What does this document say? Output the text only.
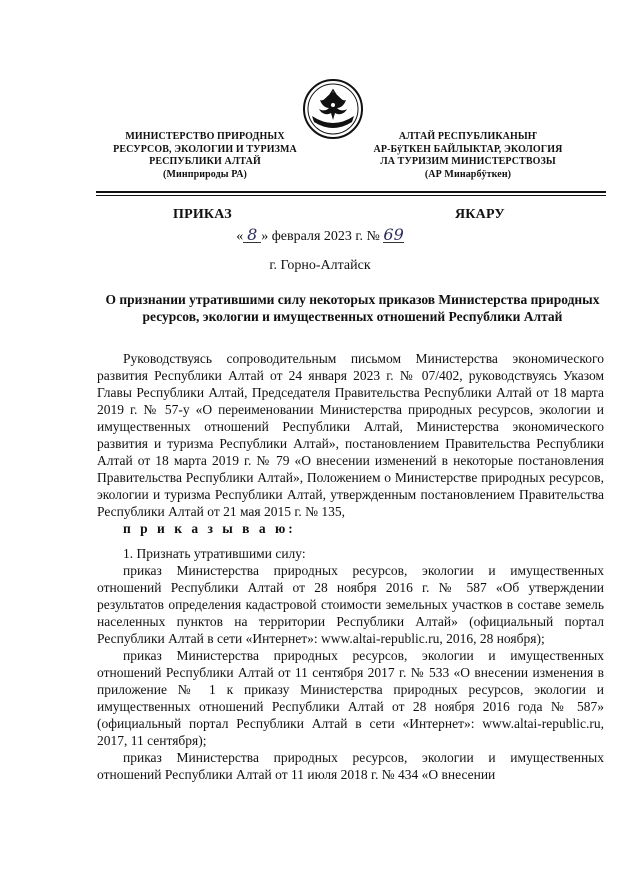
МИНИСТЕРСТВО ПРИРОДНЫХ
РЕСУРСОВ, ЭКОЛОГИИ И ТУРИЗМА
РЕСПУБЛИКИ АЛТАЙ
(Минприроды РА)
АЛТАЙ РЕСПУБЛИКАНЫҤ
АР-БÿТКЕН БАЙЛЫКТАР, ЭКОЛОГИЯ
ЛА ТУРИЗИМ МИНИСТЕРСТВОЗЫ
(АР Минарбÿткен)
ПРИКАЗ	ЯКАРУ
« 8 » февраля 2023 г. № 69
г. Горно-Алтайск
О признании утратившими силу некоторых приказов Министерства природных ресурсов, экологии и имущественных отношений Республики Алтай

Руководствуясь сопроводительным письмом Министерства экономического развития Республики Алтай от 24 января 2023 г. № 07/402, руководствуясь Указом Главы Республики Алтай, Председателя Правительства Республики Алтай от 18 марта 2019 г. № 57-у «О переименовании Министерства природных ресурсов, экологии и имущественных отношений Республики Алтай, Министерства экономического развития и туризма Республики Алтай», постановлением Правительства Республики Алтай от 18 марта 2019 г. № 79 «О внесении изменений в некоторые постановления Правительства Республики Алтай», Положением о Министерстве природных ресурсов, экологии и туризма Республики Алтай, утвержденным постановлением Правительства Республики Алтай от 21 мая 2015 г. № 135,

п р и к а з ы в а ю:

1. Признать утратившими силу:

приказ Министерства природных ресурсов, экологии и имущественных отношений Республики Алтай от 28 ноября 2016 г. № 587 «Об утверждении результатов определения кадастровой стоимости земельных участков в составе земель населенных пунктов на территории Республики Алтай» (официальный портал Республики Алтай в сети «Интернет»: www.altai-republic.ru, 2016, 28 ноября);

приказ Министерства природных ресурсов, экологии и имущественных отношений Республики Алтай от 11 сентября 2017 г. № 533 «О внесении изменения в приложение № 1 к приказу Министерства природных ресурсов, экологии и имущественных отношений Республики Алтай от 28 ноября 2016 года № 587» (официальный портал Республики Алтай в сети «Интернет»: www.altai-republic.ru, 2017, 11 сентября);

приказ Министерства природных ресурсов, экологии и имущественных отношений Республики Алтай от 11 июля 2018 г. № 434 «О внесении
